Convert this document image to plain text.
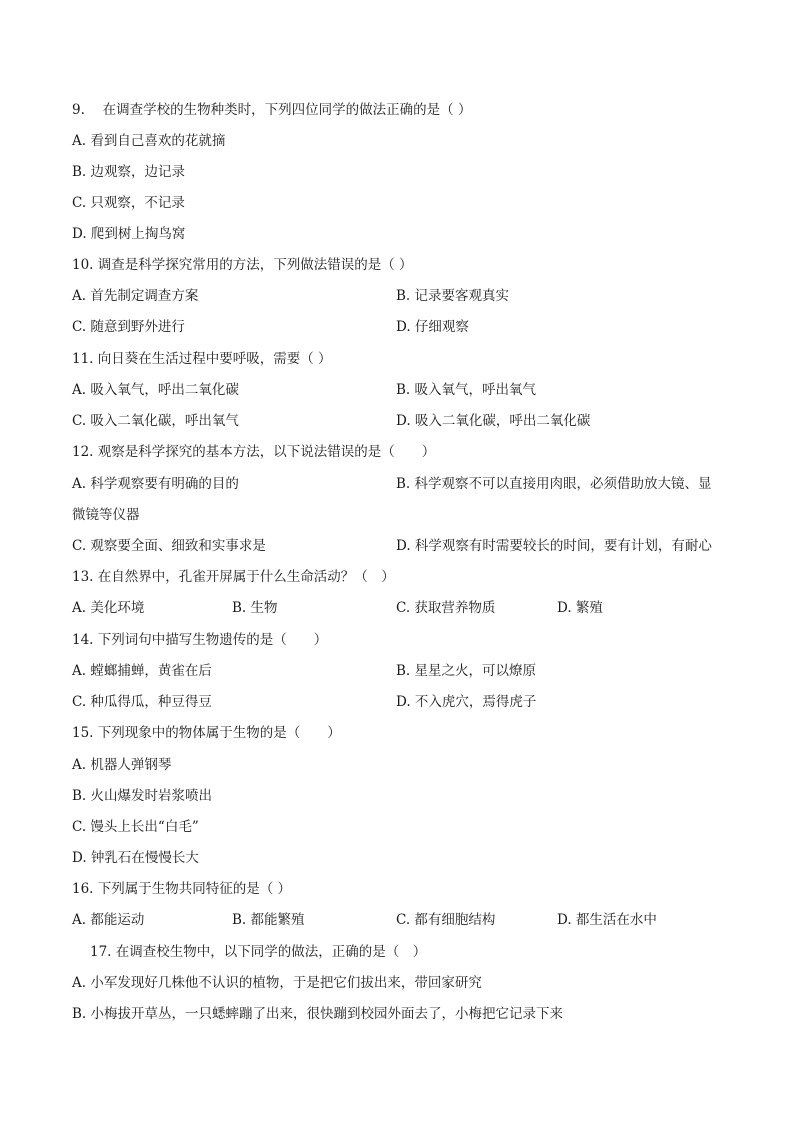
9.　 在调查学校的生物种类时，下列四位同学的做法正确的是（ ）
A. 看到自己喜欢的花就摘
B. 边观察，边记录
C. 只观察，不记录
D. 爬到树上掏鸟窝
10. 调查是科学探究常用的方法，下列做法错误的是（ ）
A. 首先制定调查方案	B. 记录要客观真实
C. 随意到野外进行	D. 仔细观察
11. 向日葵在生活过程中要呼吸，需要（ ）
A. 吸入氧气，呼出二氧化碳	B. 吸入氧气，呼出氧气
C. 吸入二氧化碳，呼出氧气	D. 吸入二氧化碳，呼出二氧化碳
12. 观察是科学探究的基本方法，以下说法错误的是（　　）
A. 科学观察要有明确的目的	B. 科学观察不可以直接用肉眼，必须借助放大镜、显
微镜等仪器
C. 观察要全面、细致和实事求是	D. 科学观察有时需要较长的时间，要有计划，有耐心
13. 在自然界中，孔雀开屏属于什么生命活动？（　）
A. 美化环境	B. 生物	C. 获取营养物质	D. 繁殖
14. 下列词句中描写生物遗传的是（　　）
A. 螳螂捕蝉，黄雀在后	B. 星星之火，可以燎原
C. 种瓜得瓜，种豆得豆	D. 不入虎穴，焉得虎子
15. 下列现象中的物体属于生物的是（　　）
A. 机器人弹钢琴
B. 火山爆发时岩浆喷出
C. 馒头上长出“白毛”
D. 钟乳石在慢慢长大
16. 下列属于生物共同特征的是（ ）
A. 都能运动	B. 都能繁殖	C. 都有细胞结构	D. 都生活在水中
17. 在调查校生物中，以下同学的做法，正确的是（　）
A. 小军发现好几株他不认识的植物，于是把它们拔出来，带回家研究
B. 小梅拔开草丛，一只蟋蟀蹦了出来，很快蹦到校园外面去了，小梅把它记录下来
